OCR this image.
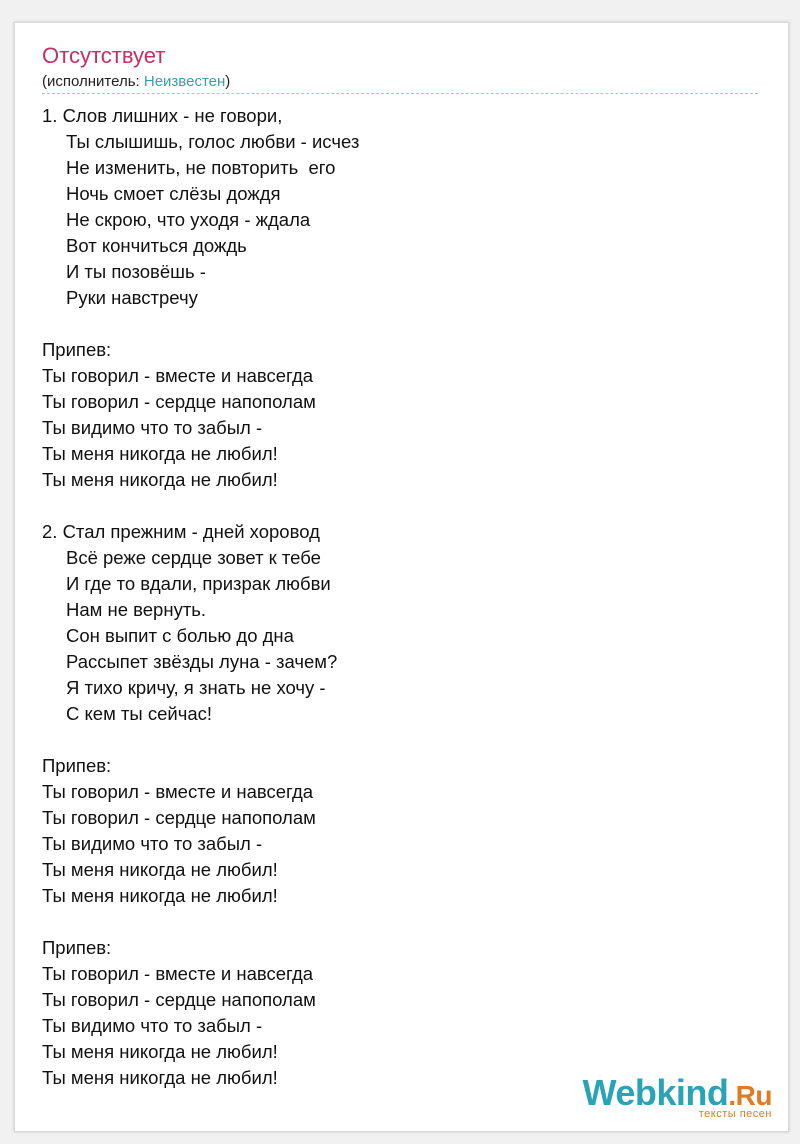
Отсутствует
(исполнитель: Неизвестен)
1. Слов лишних - не говори,
Ты слышишь, голос любви - исчез
Не изменить, не повторить  его
Ночь смоет слёзы дождя
Не скрою, что уходя - ждала
Вот кончиться дождь
И ты позовёшь -
Руки навстречу
Припев:
Ты говорил - вместе и навсегда
Ты говорил - сердце напополам
Ты видимо что то забыл -
Ты меня никогда не любил!
Ты меня никогда не любил!
2. Стал прежним - дней хоровод
Всё реже сердце зовет к тебе
И где то вдали, призрак любви
Нам не вернуть.
Сон выпит с болью до дна
Рассыпет звёзды луна - зачем?
Я тихо кричу, я знать не хочу -
С кем ты сейчас!
Припев:
Ты говорил - вместе и навсегда
Ты говорил - сердце напополам
Ты видимо что то забыл -
Ты меня никогда не любил!
Ты меня никогда не любил!
Припев:
Ты говорил - вместе и навсегда
Ты говорил - сердце напополам
Ты видимо что то забыл -
Ты меня никогда не любил!
Ты меня никогда не любил!	Webkind.Ru
тексты песен
